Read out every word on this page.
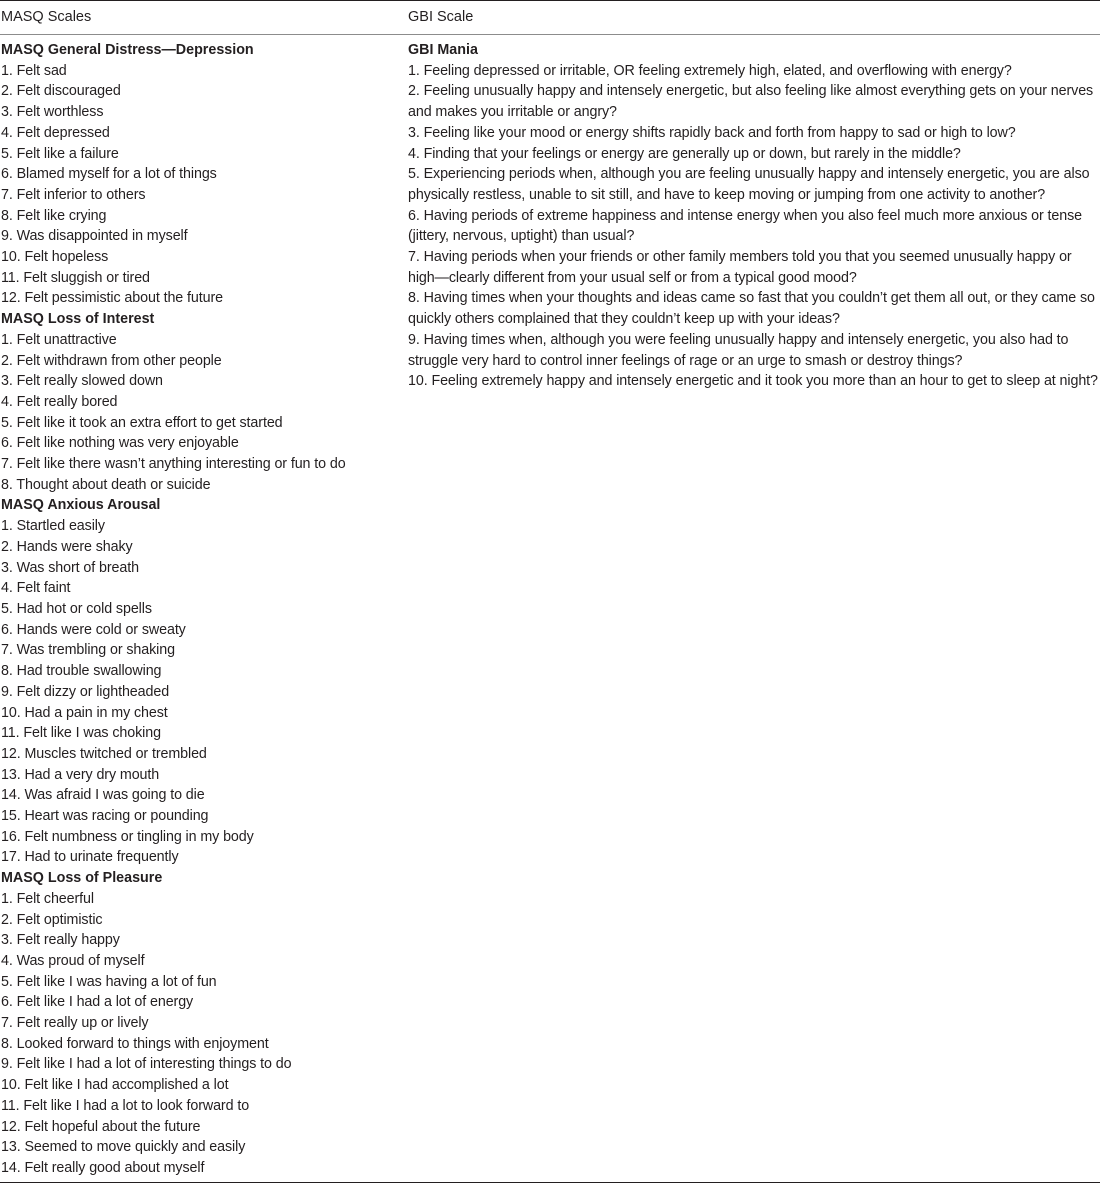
MASQ Scales	GBI Scale

MASQ General Distress—Depression

1. Felt sad

2. Felt discouraged

3. Felt worthless

4. Felt depressed

5. Felt like a failure

6. Blamed myself for a lot of things

7. Felt inferior to others

8. Felt like crying

9. Was disappointed in myself

10. Felt hopeless

11. Felt sluggish or tired

12. Felt pessimistic about the future

MASQ Loss of Interest

1. Felt unattractive

2. Felt withdrawn from other people

3. Felt really slowed down

4. Felt really bored

5. Felt like it took an extra effort to get started

6. Felt like nothing was very enjoyable

7. Felt like there wasn’t anything interesting or fun to do

8. Thought about death or suicide

MASQ Anxious Arousal

1. Startled easily

2. Hands were shaky

3. Was short of breath

4. Felt faint

5. Had hot or cold spells

6. Hands were cold or sweaty

7. Was trembling or shaking

8. Had trouble swallowing

9. Felt dizzy or lightheaded

10. Had a pain in my chest

11. Felt like I was choking

12. Muscles twitched or trembled

13. Had a very dry mouth

14. Was afraid I was going to die

15. Heart was racing or pounding

16. Felt numbness or tingling in my body

17. Had to urinate frequently

MASQ Loss of Pleasure

1. Felt cheerful

2. Felt optimistic

3. Felt really happy

4. Was proud of myself

5. Felt like I was having a lot of fun

6. Felt like I had a lot of energy

7. Felt really up or lively

8. Looked forward to things with enjoyment

9. Felt like I had a lot of interesting things to do

10. Felt like I had accomplished a lot

11. Felt like I had a lot to look forward to

12. Felt hopeful about the future

13. Seemed to move quickly and easily

14. Felt really good about myself

GBI Mania

1. Feeling depressed or irritable, OR feeling extremely high, elated, and overflowing with energy?

2. Feeling unusually happy and intensely energetic, but also feeling like almost everything gets on your nerves and makes you irritable or angry?

3. Feeling like your mood or energy shifts rapidly back and forth from happy to sad or high to low?

4. Finding that your feelings or energy are generally up or down, but rarely in the middle?

5. Experiencing periods when, although you are feeling unusually happy and intensely energetic, you are also physically restless, unable to sit still, and have to keep moving or jumping from one activity to another?

6. Having periods of extreme happiness and intense energy when you also feel much more anxious or tense (jittery, nervous, uptight) than usual?

7. Having periods when your friends or other family members told you that you seemed unusually happy or high—clearly different from your usual self or from a typical good mood?

8. Having times when your thoughts and ideas came so fast that you couldn’t get them all out, or they came so quickly others complained that they couldn’t keep up with your ideas?

9. Having times when, although you were feeling unusually happy and intensely energetic, you also had to struggle very hard to control inner feelings of rage or an urge to smash or destroy things?

10. Feeling extremely happy and intensely energetic and it took you more than an hour to get to sleep at night?
